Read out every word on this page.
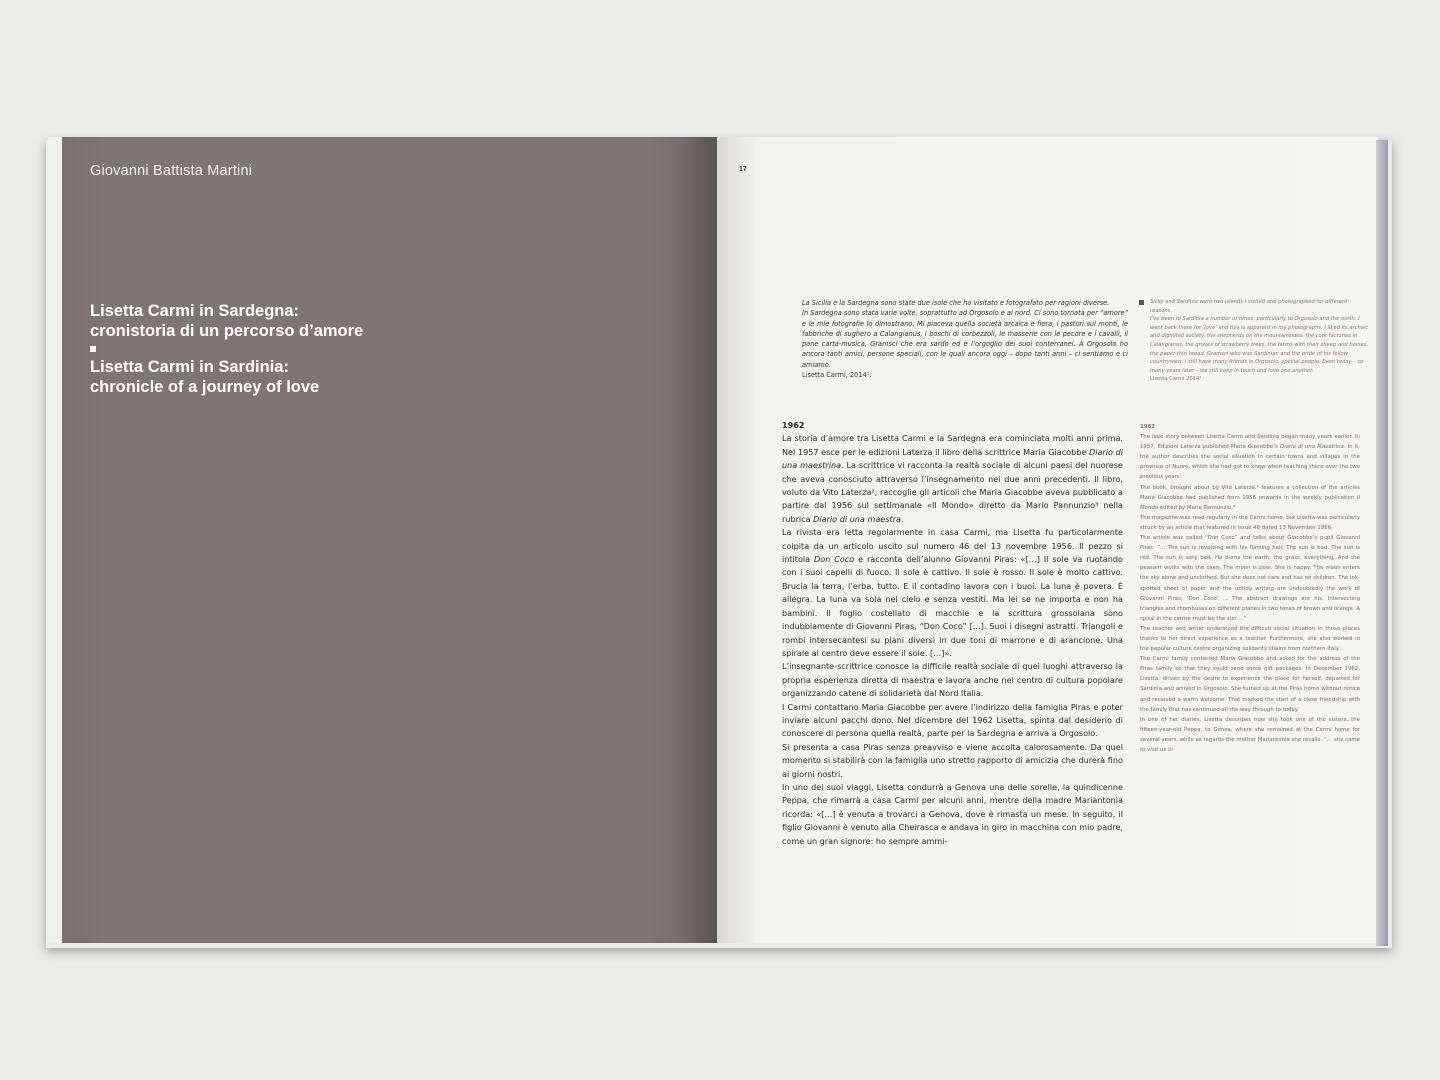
Giovanni Battista Martini
Lisetta Carmi in Sardegna:
cronistoria di un percorso d’amore
Lisetta Carmi in Sardinia:
chronicle of a journey of love
17
La Sicilia e la Sardegna sono state due isole che ho visitato e fotografato per ragioni diverse.
In Sardegna sono stata varie volte, soprattutto ad Orgosolo e al nord. Ci sono tornata per “amore” e le mie fotografie lo dimostrano. Mi piaceva quella società arcaica e fiera, i pastori sui monti, le fabbriche di sughero a Calangianus, i boschi di corbezzoli, le masserie con le pecore e i cavalli, il pane carta-musica, Gramsci che era sardo ed è l’orgoglio dei suoi conterranei. A Orgosolo ho ancora tanti amici, persone speciali, con le quali ancora oggi – dopo tanti anni – ci sentiamo e ci amiamo.
Lisetta Carmi, 2014¹.
Sicily and Sardinia were two islands I visited and photographed for different reasons.
I’ve been to Sardinia a number of times, particularly to Orgosolo and the north. I went back there for ‘love’ and this is apparent in my photographs. I liked its archaic and dignified society, the shepherds on the mountainsides, the cork factories in Calangianus, the groves of strawberry trees, the farms with their sheep and horses, the paper-thin bread, Gramsci who was Sardinian and the pride of his fellow countrymen. I still have many friends in Orgosolo, special people. Even today – so many years later – we still keep in touch and love one another.
Lisetta Carmi 2014¹
1962

La storia d’amore tra Lisetta Carmi e la Sardegna era cominciata molti anni prima. Nel 1957 esce per le edizioni Laterza il libro della scrittrice Maria Giacobbe Diario di una maestrina. La scrittrice vi racconta la realtà sociale di alcuni paesi del nuorese che aveva conosciuto attraverso l’insegnamento nei due anni precedenti. Il libro, voluto da Vito Laterza², raccoglie gli articoli che Maria Giacobbe aveva pubblicato a partire dal 1956 sul settimanale «Il Mondo» diretto da Mario Pannunzio³ nella rubrica Diario di una maestra.

La rivista era letta regolarmente in casa Carmi, ma Lisetta fu particolarmente colpita da un articolo uscito sul numero 46 del 13 novembre 1956. Il pezzo si intitola Don Coco e racconta dell’alunno Giovanni Piras: «[…] Il sole va ruotando con i suoi capelli di fuoco. Il sole è cattivo. Il sole è rosso. Il sole è molto cattivo. Brucia la terra, l’erba, tutto. E il contadino lavora con i buoi. La luna è povera. È allegra. La luna va sola nel cielo e senza vestiti. Ma lei se ne importa e non ha bambini. Il foglio costellato di macchie e la scrittura grossolana sono indubbiamente di Giovanni Piras, “Don Coco” […]. Suoi i disegni astratti. Triangoli e rombi intersecantesi su piani diversi in due toni di marrone e di arancione. Una spirale al centro deve essere il sole. […]».

L’insegnante-scrittrice conosce la difficile realtà sociale di quei luoghi attraverso la propria esperienza diretta di maestra e lavora anche nel centro di cultura popolare organizzando catene di solidarietà dal Nord Italia.

I Carmi contattano Maria Giacobbe per avere l’indirizzo della famiglia Piras e poter inviare alcuni pacchi dono. Nel dicembre del 1962 Lisetta, spinta dal desiderio di conoscere di persona quella realtà, parte per la Sardegna e arriva a Orgosolo.

Si presenta a casa Piras senza preavviso e viene accolta calorosamente. Da quel momento si stabilirà con la famiglia uno stretto rapporto di amicizia che durerà fino ai giorni nostri.

In uno dei suoi viaggi, Lisetta condurrà a Genova una delle sorelle, la quindicenne Peppa, che rimarrà a casa Carmi per alcuni anni, mentre della madre Mariantonia ricorda: «[…] è venuta a trovarci a Genova, dove è rimasta un mese. In seguito, il figlio Giovanni è venuto alla Cheirasca e andava in giro in macchina con mio padre, come un gran signore: ho sempre ammi-

1962

The love story between Lisetta Carmi and Sardinia began many years earlier. In 1957, Edizioni Laterza published Maria Giacobbe’s Diario di una Maestrina. In it, the author describes the social situation in certain towns and villages in the province of Nuoro, which she had got to know when teaching there over the two previous years.

The book, brought about by Vito Laterza,² features a collection of the articles Maria Giacobbe had published from 1956 onwards in the weekly publication Il Mondo edited by Mario Pannunzio.³

The magazine was read regularly in the Carmi home, but Lisetta was particularly struck by an article that featured in issue 46 dated 13 November 1956.

The article was called “Don Coco” and talks about Giacobbe’s pupil Giovanni Piras: “… The sun is revolving with his flaming hair. The sun is bad. The sun is red. The sun is very bad. He burns the earth, the grass, everything. And the peasant works with the oxen. The moon is poor. She is happy. The moon enters the sky alone and unclothed. But she does not care and has no children. The ink-spotted sheet of paper and the untidy writing are undoubtedly the work of Giovanni Piras, ‘Don Coco’ … The abstract drawings are his. Intersecting triangles and rhombuses on different planes in two tones of brown and orange. A spiral in the centre must be the sun …”

The teacher and writer understood the difficult social situation in those places thanks to her direct experience as a teacher. Furthermore, she also worked in the popular culture centre organizing solidarity chains from northern Italy.

The Carmi family contacted Maria Giacobbe and asked for the address of the Piras family so that they could send some gift packages. In December 1962, Lisetta, driven by the desire to experience the place for herself, departed for Sardinia and arrived in Orgosolo. She turned up at the Piras home without notice and received a warm welcome. That marked the start of a close friendship with the family that has continued all the way through to today.

In one of her diaries, Lisetta describes how she took one of the sisters, the fifteen-year-old Peppa, to Genoa, where she remained at the Carmi home for several years, while as regards the mother Mariantonia she recalls: “… she came to visit us in
